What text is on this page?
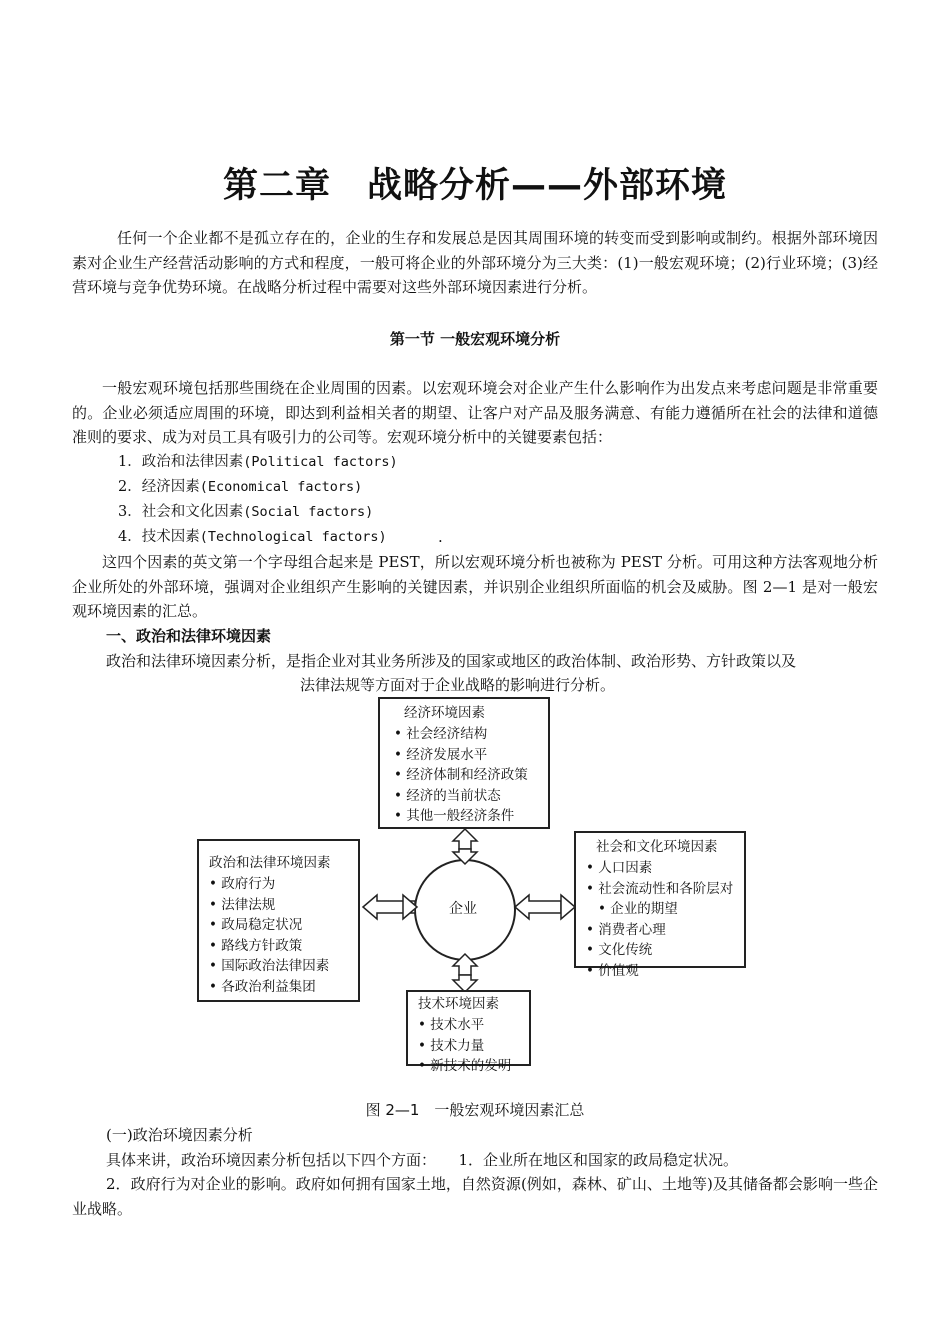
第二章　战略分析——外部环境
任何一个企业都不是孤立存在的，企业的生存和发展总是因其周围环境的转变而受到影响或制约。根据外部环境因素对企业生产经营活动影响的方式和程度，一般可将企业的外部环境分为三大类：(1)一般宏观环境；(2)行业环境；(3)经营环境与竞争优势环境。在战略分析过程中需要对这些外部环境因素进行分析。
第一节 一般宏观环境分析
一般宏观环境包括那些围绕在企业周围的因素。以宏观环境会对企业产生什么影响作为出发点来考虑问题是非常重要的。企业必须适应周围的环境，即达到利益相关者的期望、让客户对产品及服务满意、有能力遵循所在社会的法律和道德准则的要求、成为对员工具有吸引力的公司等。宏观环境分析中的关键要素包括：
1．政治和法律因素(Political factors)
2．经济因素(Economical factors)
3．社会和文化因素(Social factors)
4．技术因素(Technological factors)	.
这四个因素的英文第一个字母组合起来是 PEST，所以宏观环境分析也被称为 PEST 分析。可用这种方法客观地分析企业所处的外部环境，强调对企业组织产生影响的关键因素，并识别企业组织所面临的机会及威胁。图 2—1 是对一般宏观环境因素的汇总。
一、政治和法律环境因素
政治和法律环境因素分析，是指企业对其业务所涉及的国家或地区的政治体制、政治形势、方针政策以及
法律法规等方面对于企业战略的影响进行分析。
企业
经济环境因素
• 社会经济结构
• 经济发展水平
• 经济体制和经济政策
• 经济的当前状态
• 其他一般经济条件
政治和法律环境因素
• 政府行为
• 法律法规
• 政局稳定状况
• 路线方针政策
• 国际政治法律因素
• 各政治利益集团
社会和文化环境因素
• 人口因素
• 社会流动性和各阶层对
• 企业的期望
• 消费者心理
• 文化传统
• 价值观
技术环境因素
• 技术水平
• 技术力量
• 新技术的发明
图 2—1　一般宏观环境因素汇总
(一)政治环境因素分析
具体来讲，政治环境因素分析包括以下四个方面：　　1．企业所在地区和国家的政局稳定状况。
2．政府行为对企业的影响。政府如何拥有国家土地，自然资源(例如，森林、矿山、土地等)及其储备都会影响一些企业战略。
